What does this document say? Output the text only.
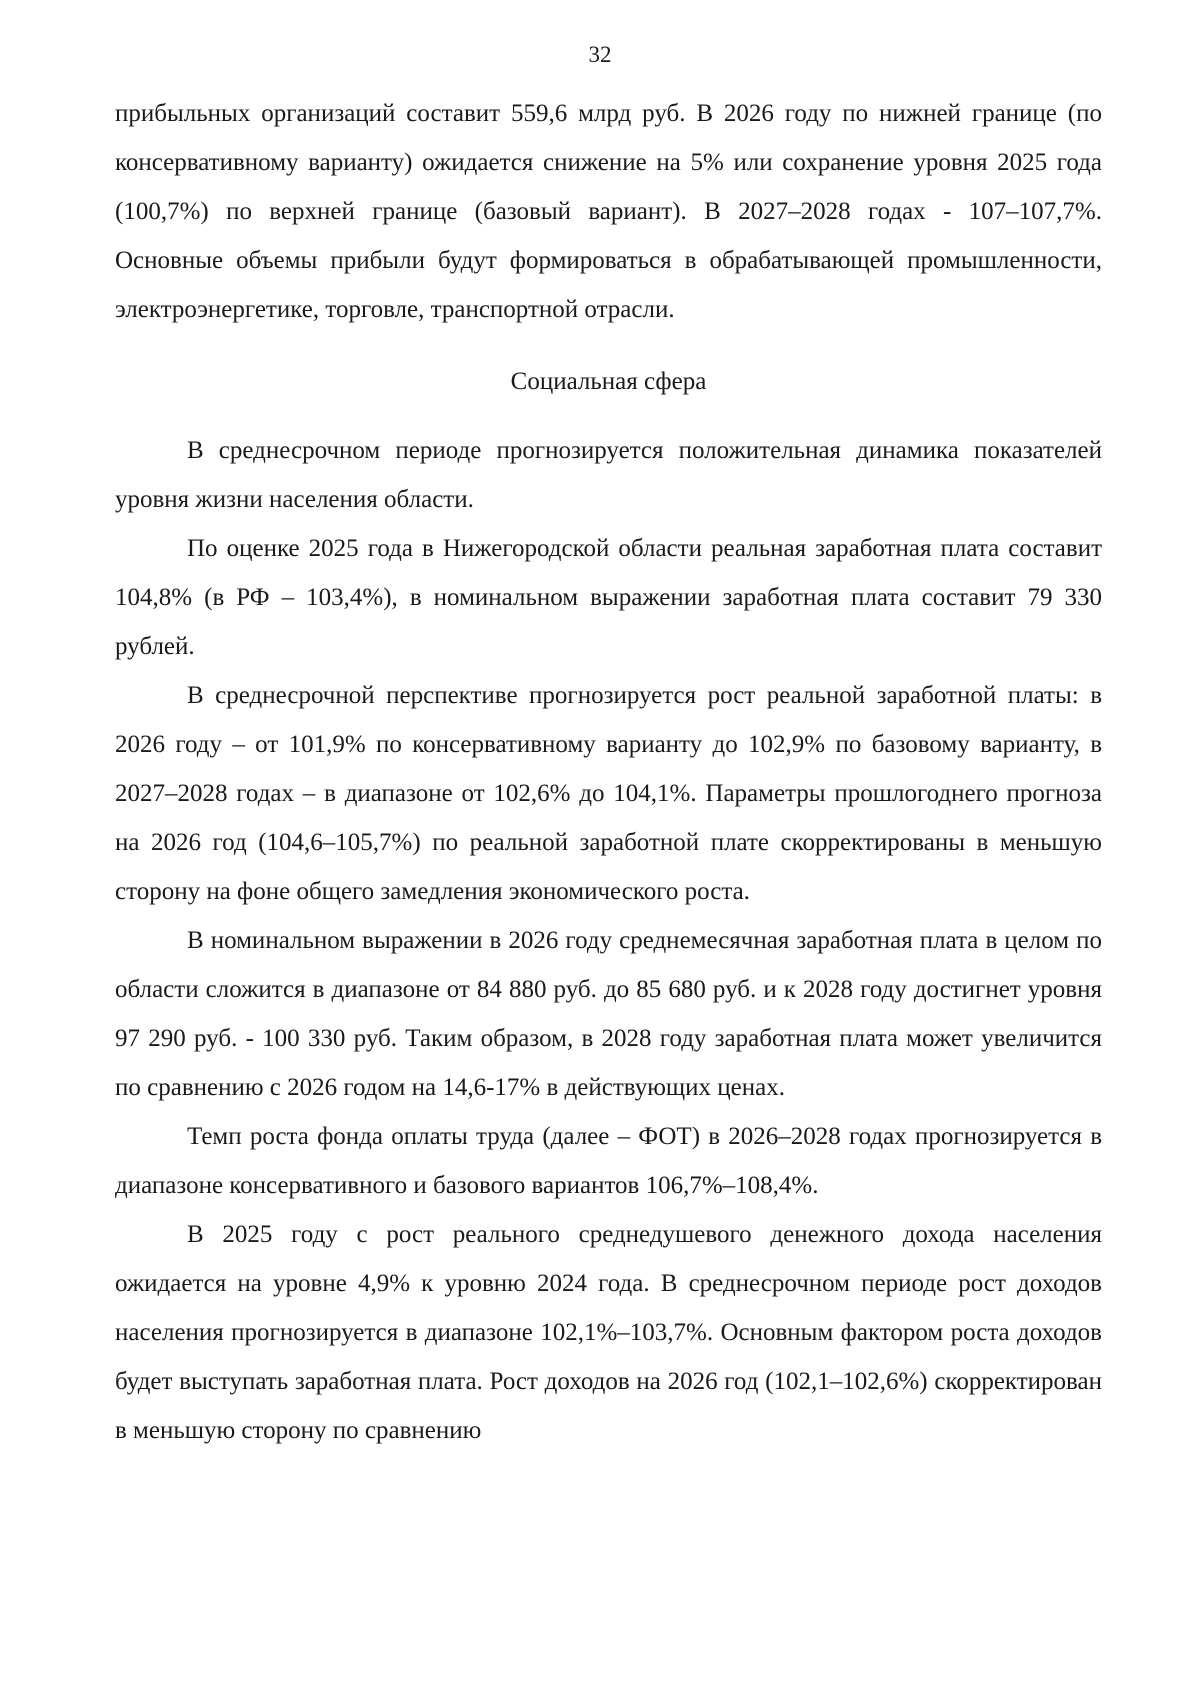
32

прибыльных организаций составит 559,6 млрд руб. В 2026 году по нижней границе (по консервативному варианту) ожидается снижение на 5% или сохранение уровня 2025 года (100,7%) по верхней границе (базовый вариант). В 2027–2028 годах - 107–107,7%. Основные объемы прибыли будут формироваться в обрабатывающей промышленности, электроэнергетике, торговле, транспортной отрасли.

Социальная сфера

В среднесрочном периоде прогнозируется положительная динамика показателей уровня жизни населения области.

По оценке 2025 года в Нижегородской области реальная заработная плата составит 104,8% (в РФ – 103,4%), в номинальном выражении заработная плата составит 79 330 рублей.

В среднесрочной перспективе прогнозируется рост реальной заработной платы: в 2026 году – от 101,9% по консервативному варианту до 102,9% по базовому варианту, в 2027–2028 годах – в диапазоне от 102,6% до 104,1%. Параметры прошлогоднего прогноза на 2026 год (104,6–105,7%) по реальной заработной плате скорректированы в меньшую сторону на фоне общего замедления экономического роста.

В номинальном выражении в 2026 году среднемесячная заработная плата в целом по области сложится в диапазоне от 84 880 руб. до 85 680 руб. и к 2028 году достигнет уровня 97 290 руб. - 100 330 руб. Таким образом, в 2028 году заработная плата может увеличится по сравнению с 2026 годом на 14,6-17% в действующих ценах.

Темп роста фонда оплаты труда (далее – ФОТ) в 2026–2028 годах прогнозируется в диапазоне консервативного и базового вариантов 106,7%–108,4%.

В 2025 году с рост реального среднедушевого денежного дохода населения ожидается на уровне 4,9% к уровню 2024 года. В среднесрочном периоде рост доходов населения прогнозируется в диапазоне 102,1%–103,7%. Основным фактором роста доходов будет выступать заработная плата. Рост доходов на 2026 год (102,1–102,6%) скорректирован в меньшую сторону по сравнению
